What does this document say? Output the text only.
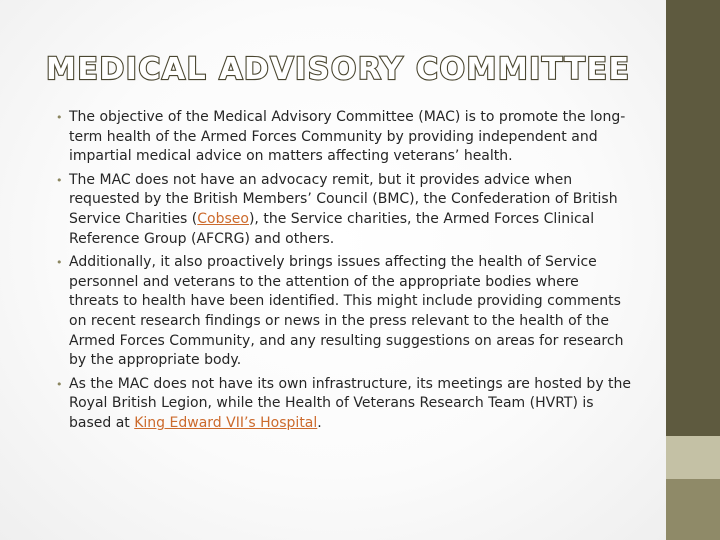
MEDICAL ADVISORY COMMITTEE
• The objective of the Medical Advisory Committee (MAC) is to promote the long-term health of the Armed Forces Community by providing independent and impartial medical advice on matters affecting veterans’ health.
• The MAC does not have an advocacy remit, but it provides advice when requested by the British Members’ Council (BMC), the Confederation of British Service Charities (Cobseo), the Service charities, the Armed Forces Clinical Reference Group (AFCRG) and others.
• Additionally, it also proactively brings issues affecting the health of Service personnel and veterans to the attention of the appropriate bodies where threats to health have been identified. This might include providing comments on recent research findings or news in the press relevant to the health of the Armed Forces Community, and any resulting suggestions on areas for research by the appropriate body.
• As the MAC does not have its own infrastructure, its meetings are hosted by the Royal British Legion, while the Health of Veterans Research Team (HVRT) is based at King Edward VII’s Hospital.
